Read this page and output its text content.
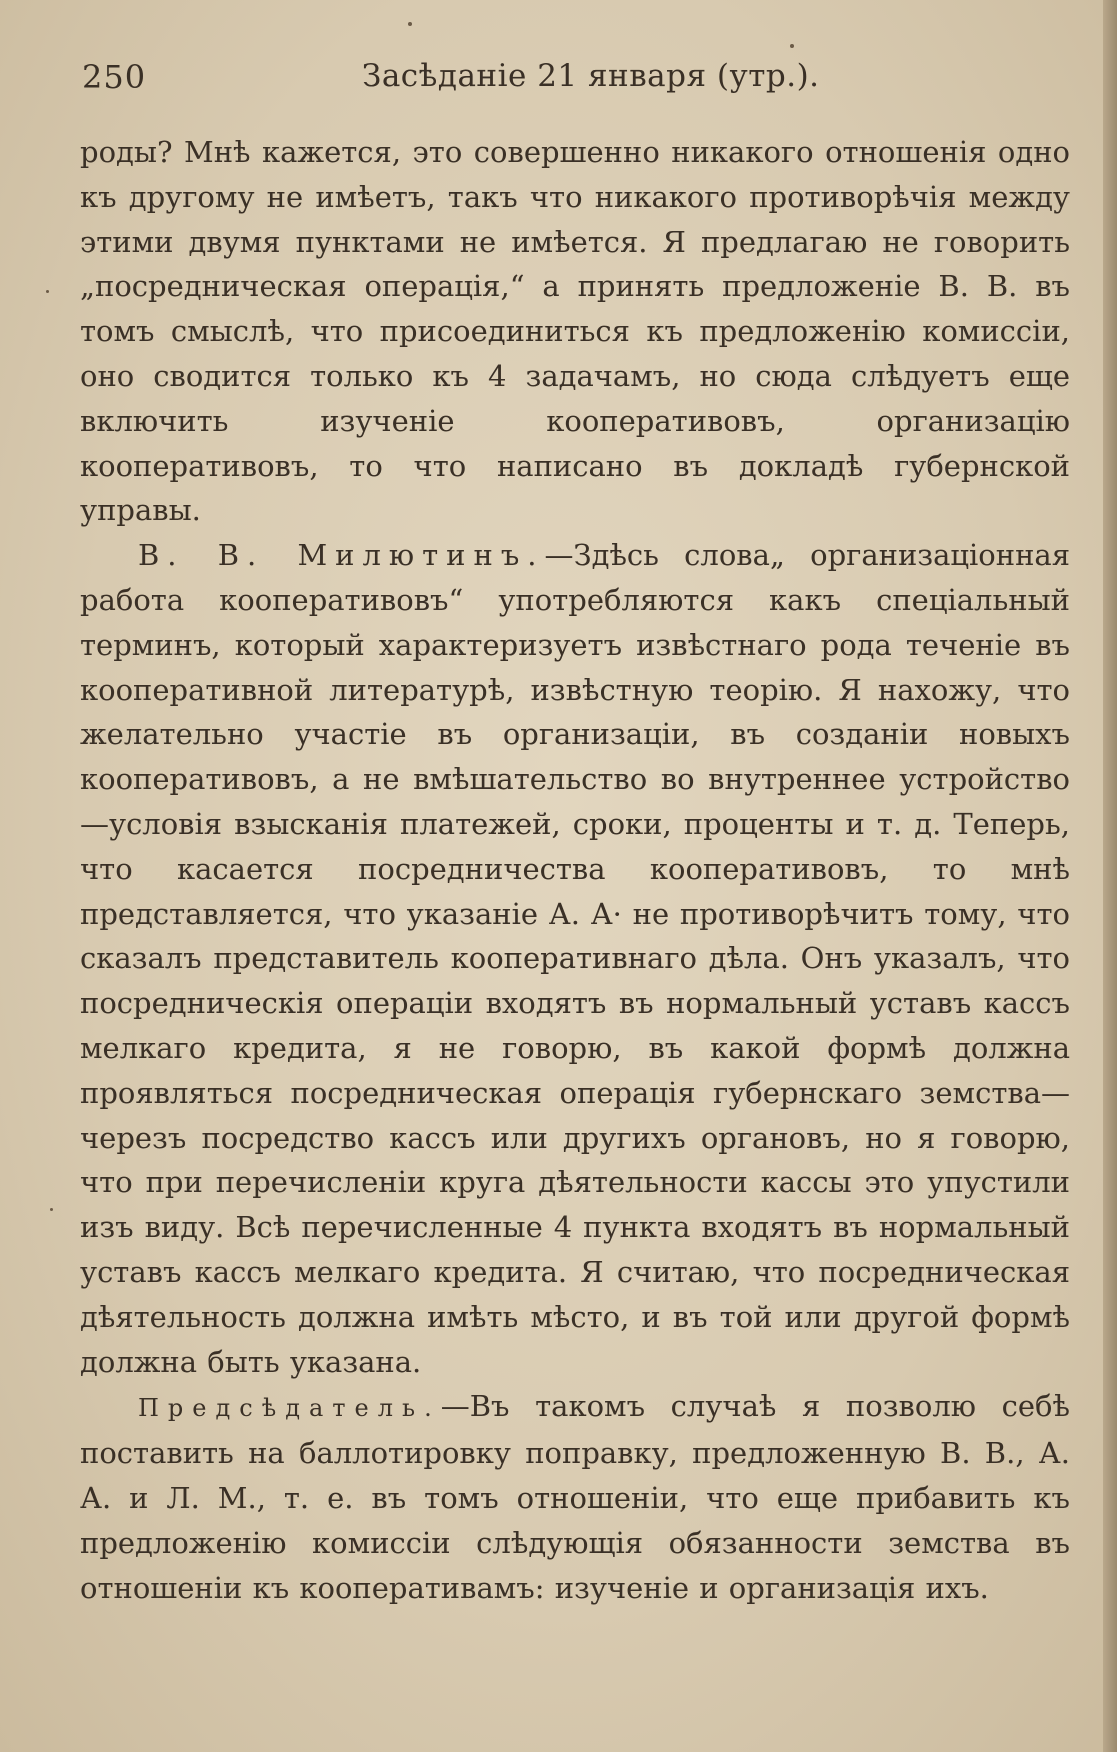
250	Засѣданіе 21 января (утр.).

роды? Мнѣ кажется, это совершенно никакого отношенія одно къ другому не имѣетъ, такъ что никакого противорѣчія между этими двумя пунктами не имѣется. Я предлагаю не говорить „посредническая операція,“ а принять предложеніе В. В. въ томъ смыслѣ, что присоединиться къ предложенію комиссіи, оно сводится только къ 4 задачамъ, но сюда слѣдуетъ еще включить изученіе кооперативовъ, организацію кооперативовъ, то что написано въ докладѣ губернской управы.

В. В. Милютинъ.—Здѣсь слова„ организаціонная работа кооперативовъ“ употребляются какъ спеціальный терминъ, который характеризуетъ извѣстнаго рода теченіе въ кооперативной литературѣ, извѣстную теорію. Я нахожу, что желательно участіе въ организаціи, въ созданіи новыхъ кооперативовъ, а не вмѣшательство во внутреннее устройство—условія взысканія платежей, сроки, проценты и т. д. Теперь, что касается посредничества кооперативовъ, то мнѣ представляется, что указаніе А. А· не противорѣчитъ тому, что сказалъ представитель кооперативнаго дѣла. Онъ указалъ, что посредническія операціи входятъ въ нормальный уставъ кассъ мелкаго кредита, я не говорю, въ какой формѣ должна проявляться посредническая операція губернскаго земства—черезъ посредство кассъ или другихъ органовъ, но я говорю, что при перечисленіи круга дѣятельности кассы это упустили изъ виду. Всѣ перечисленные 4 пункта входятъ въ нормальный уставъ кассъ мелкаго кредита. Я считаю, что посредническая дѣятельность должна имѣть мѣсто, и въ той или другой формѣ должна быть указана.

Предсѣдатель.—Въ такомъ случаѣ я позволю себѣ поставить на баллотировку поправку, предложенную В. В., А. А. и Л. М., т. е. въ томъ отношеніи, что еще прибавить къ предложенію комиссіи слѣдующія обязанности земства въ отношеніи къ кооперативамъ: изученіе и организація ихъ.
